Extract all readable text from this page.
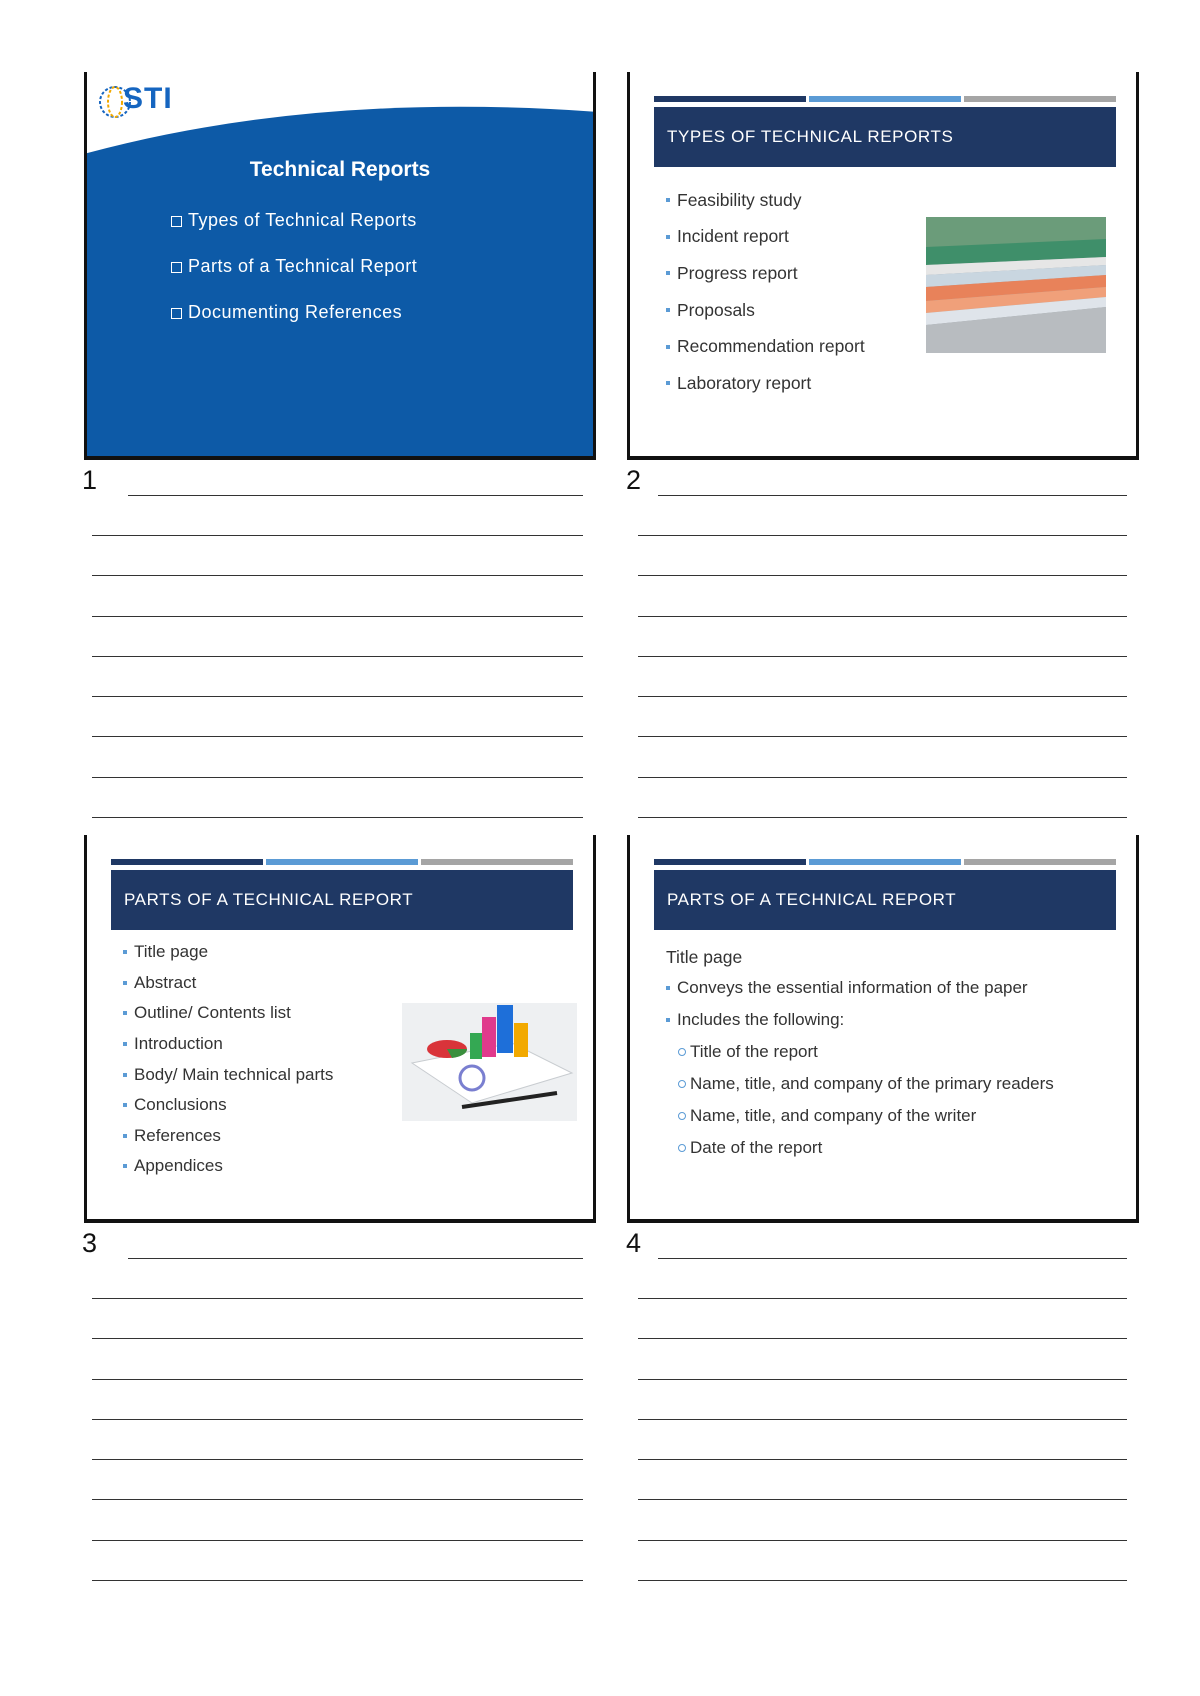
STI
Technical Reports
Types of Technical Reports
Parts of a Technical Report
Documenting References
TYPES OF TECHNICAL REPORTS
Feasibility study
Incident report
Progress report
Proposals
Recommendation report
Laboratory report
PARTS OF A TECHNICAL REPORT
Title page
Abstract
Outline/ Contents list
Introduction
Body/ Main technical parts
Conclusions
References
Appendices
PARTS OF A TECHNICAL REPORT
Title page
Conveys the essential information of the paper
Includes the following:
Title of the report
Name, title, and company of the primary readers
Name, title, and company of the writer
Date of the report
1	2
3	4
